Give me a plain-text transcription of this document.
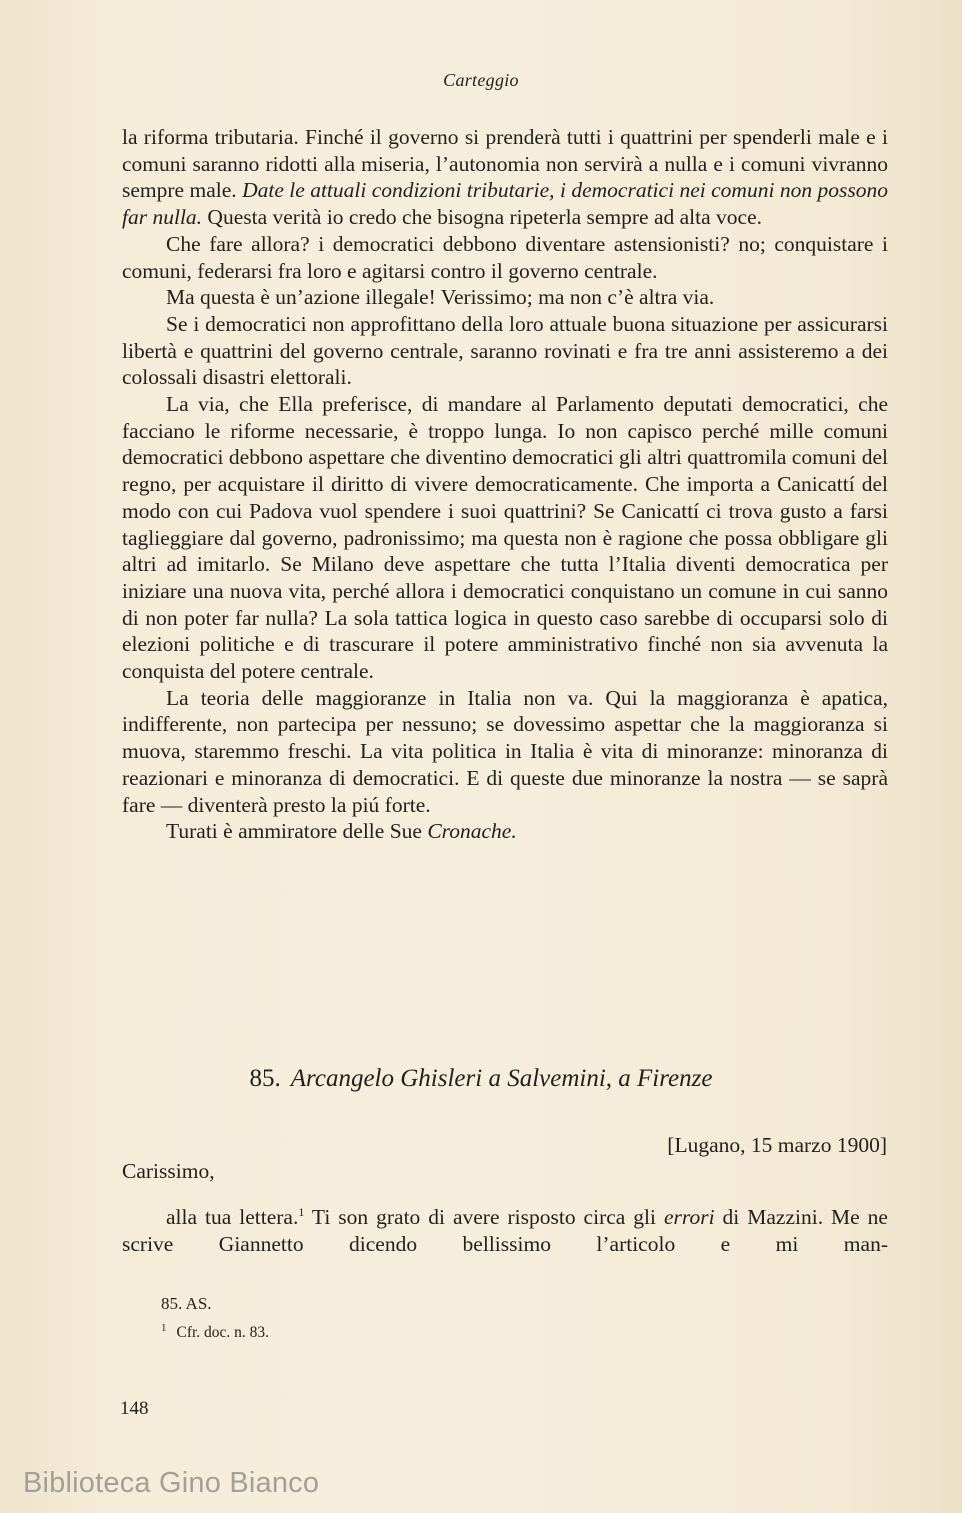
Carteggio

la riforma tributaria. Finché il governo si prenderà tutti i quattrini per spenderli male e i comuni saranno ridotti alla miseria, l’autonomia non servirà a nulla e i comuni vivranno sempre male. Date le attuali condizioni tributarie, i democratici nei comuni non possono far nulla. Questa verità io credo che bisogna ripeterla sempre ad alta voce.

Che fare allora? i democratici debbono diventare astensionisti? no; conquistare i comuni, federarsi fra loro e agitarsi contro il governo centrale.

Ma questa è un’azione illegale! Verissimo; ma non c’è altra via.

Se i democratici non approfittano della loro attuale buona situazione per assicurarsi libertà e quattrini del governo centrale, saranno rovinati e fra tre anni assisteremo a dei colossali disastri elettorali.

La via, che Ella preferisce, di mandare al Parlamento deputati democratici, che facciano le riforme necessarie, è troppo lunga. Io non capisco perché mille comuni democratici debbono aspettare che diventino democratici gli altri quattromila comuni del regno, per acquistare il diritto di vivere democraticamente. Che importa a Canicattí del modo con cui Padova vuol spendere i suoi quattrini? Se Canicattí ci trova gusto a farsi taglieggiare dal governo, padronissimo; ma questa non è ragione che possa obbligare gli altri ad imitarlo. Se Milano deve aspettare che tutta l’Italia diventi democratica per iniziare una nuova vita, perché allora i democratici conquistano un comune in cui sanno di non poter far nulla? La sola tattica logica in questo caso sarebbe di occuparsi solo di elezioni politiche e di trascurare il potere amministrativo finché non sia avvenuta la conquista del potere centrale.

La teoria delle maggioranze in Italia non va. Qui la maggioranza è apatica, indifferente, non partecipa per nessuno; se dovessimo aspettar che la maggioranza si muova, staremmo freschi. La vita politica in Italia è vita di minoranze: minoranza di reazionari e minoranza di democratici. E di queste due minoranze la nostra — se saprà fare — diventerà presto la piú forte.

Turati è ammiratore delle Sue Cronache.

85. Arcangelo Ghisleri a Salvemini, a Firenze
[Lugano, 15 marzo 1900]
Carissimo,

alla tua lettera.$^1$ Ti son grato di avere risposto circa gli errori di Mazzini. Me ne scrive Giannetto dicendo bellissimo l’articolo e mi man-

85. AS.
$^1$ Cfr. doc. n. 83.
148
Biblioteca Gino Bianco
